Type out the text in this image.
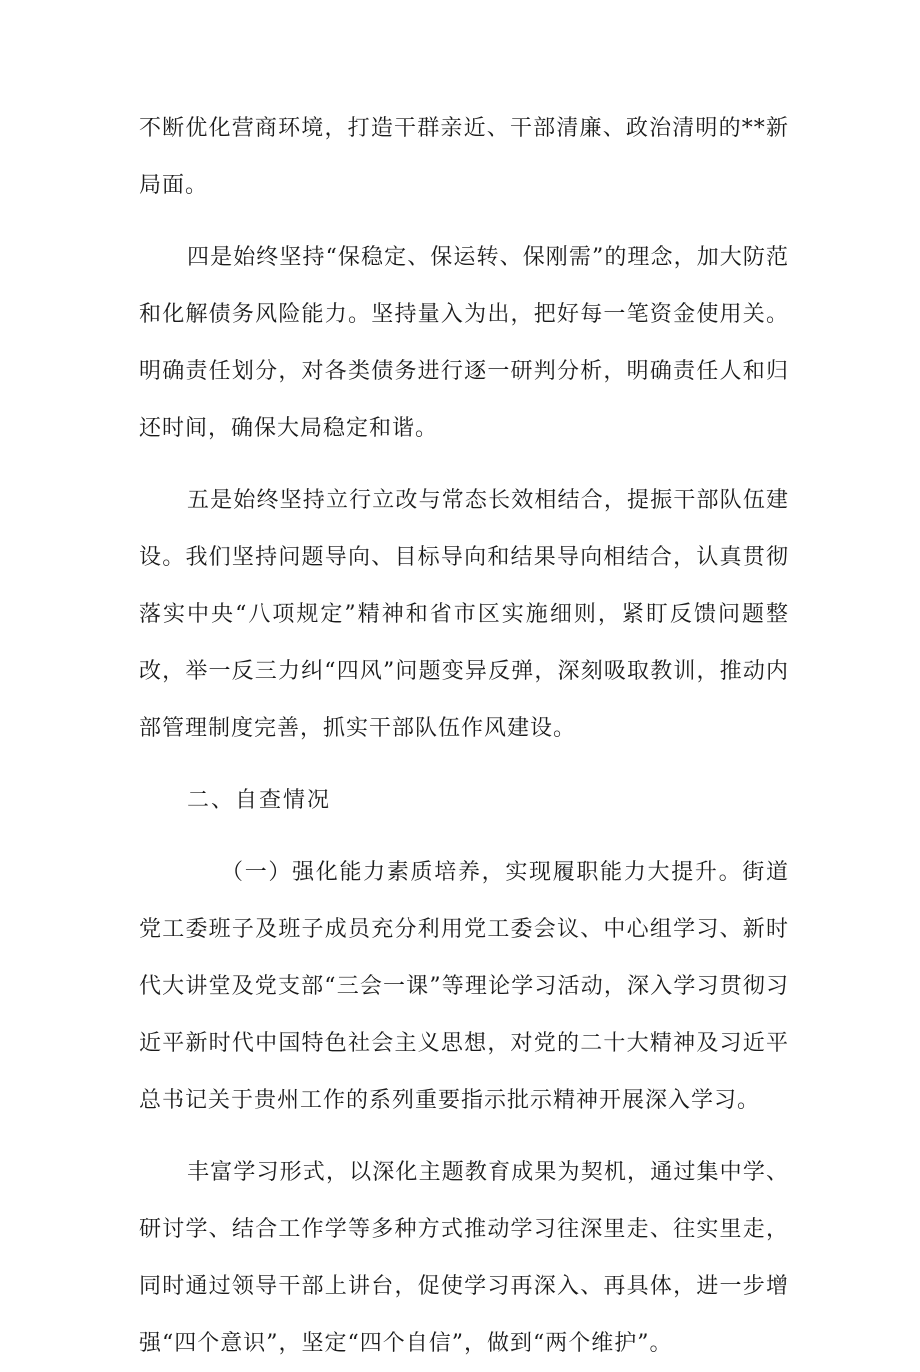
不断优化营商环境，打造干群亲近、干部清廉、政治清明的**新局面。

四是始终坚持“保稳定、保运转、保刚需”的理念，加大防范和化解债务风险能力。坚持量入为出，把好每一笔资金使用关。明确责任划分，对各类债务进行逐一研判分析，明确责任人和归还时间，确保大局稳定和谐。

五是始终坚持立行立改与常态长效相结合，提振干部队伍建设。我们坚持问题导向、目标导向和结果导向相结合，认真贯彻落实中央“八项规定”精神和省市区实施细则，紧盯反馈问题整改，举一反三力纠“四风”问题变异反弹，深刻吸取教训，推动内部管理制度完善，抓实干部队伍作风建设。

二、自查情况

（一）强化能力素质培养，实现履职能力大提升。街道党工委班子及班子成员充分利用党工委会议、中心组学习、新时代大讲堂及党支部“三会一课”等理论学习活动，深入学习贯彻习近平新时代中国特色社会主义思想，对党的二十大精神及习近平总书记关于贵州工作的系列重要指示批示精神开展深入学习。

丰富学习形式，以深化主题教育成果为契机，通过集中学、研讨学、结合工作学等多种方式推动学习往深里走、往实里走，同时通过领导干部上讲台，促使学习再深入、再具体，进一步增强“四个意识”，坚定“四个自信”，做到“两个维护”。
